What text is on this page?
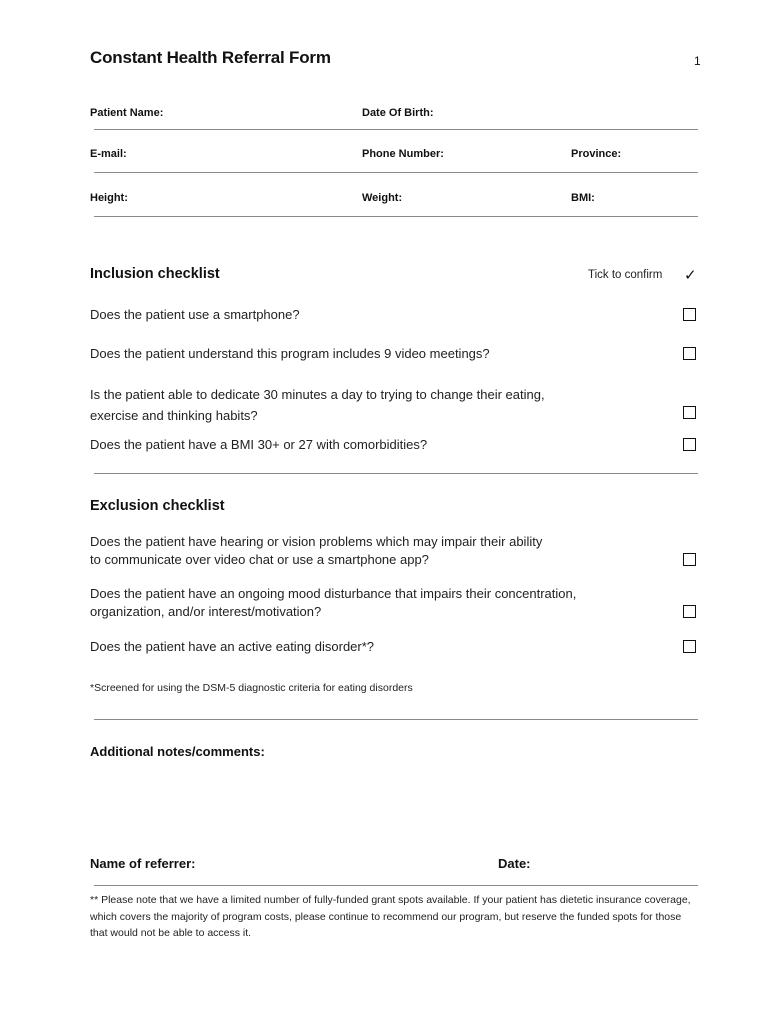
Constant Health Referral Form	1
Patient Name:	Date Of Birth:
E-mail:	Phone Number:	Province:
Height:	Weight:	BMI:
Inclusion checklist	Tick to confirm ✓
Does the patient use a smartphone?
Does the patient understand this program includes 9 video meetings?
Is the patient able to dedicate 30 minutes a day to trying to change their eating,
exercise and thinking habits?
Does the patient have a BMI 30+ or 27 with comorbidities?
Exclusion checklist
Does the patient have hearing or vision problems which may impair their ability
to communicate over video chat or use a smartphone app?
Does the patient have an ongoing mood disturbance that impairs their concentration,
organization, and/or interest/motivation?
Does the patient have an active eating disorder*?
*Screened for using the DSM-5 diagnostic criteria for eating disorders
Additional notes/comments:
Name of referrer:	Date:
** Please note that we have a limited number of fully-funded grant spots available. If your patient has dietetic insurance coverage, which covers the majority of program costs, please continue to recommend our program, but reserve the funded spots for those that would not be able to access it.
